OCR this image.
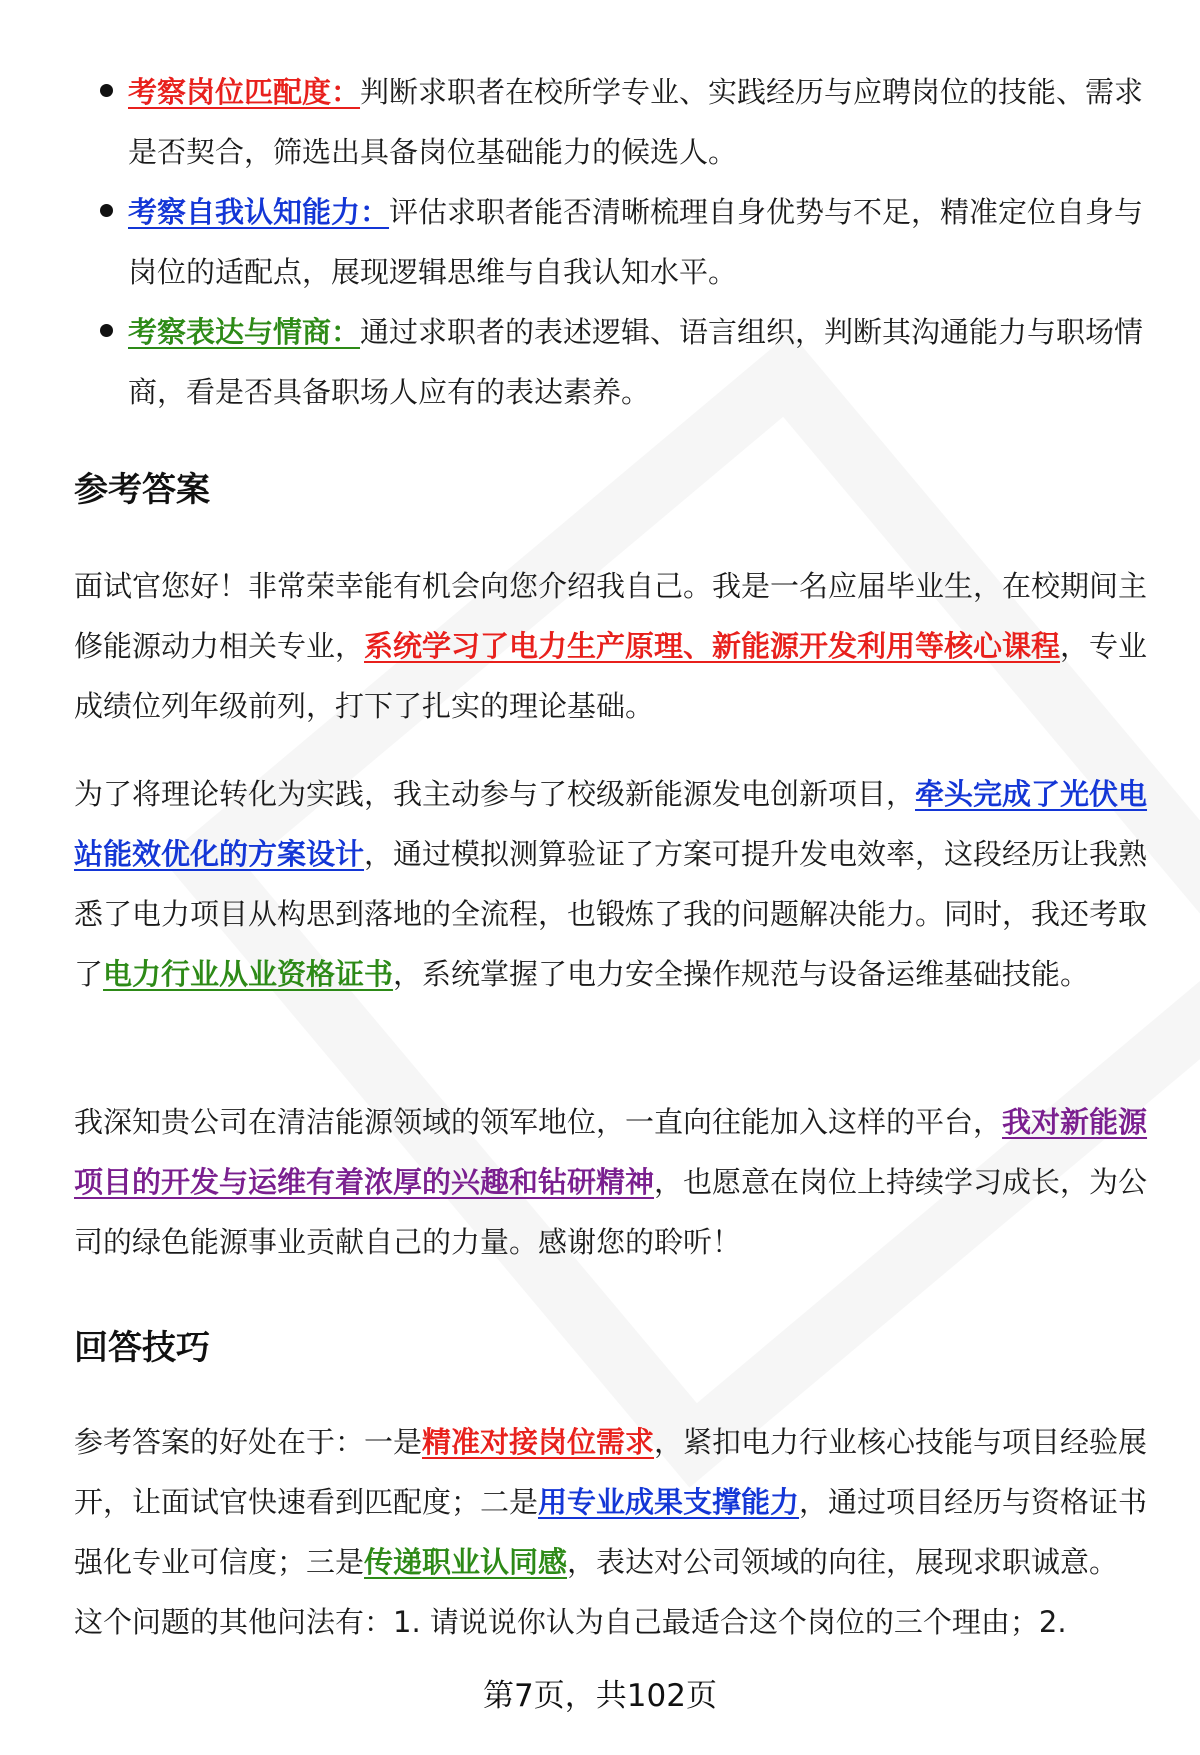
考察岗位匹配度：判断求职者在校所学专业、实践经历与应聘岗位的技能、需求是否契合，筛选出具备岗位基础能力的候选人。
考察自我认知能力：评估求职者能否清晰梳理自身优势与不足，精准定位自身与岗位的适配点，展现逻辑思维与自我认知水平。
考察表达与情商：通过求职者的表述逻辑、语言组织，判断其沟通能力与职场情商，看是否具备职场人应有的表达素养。
参考答案

面试官您好！非常荣幸能有机会向您介绍我自己。我是一名应届毕业生，在校期间主修能源动力相关专业，系统学习了电力生产原理、新能源开发利用等核心课程，专业成绩位列年级前列，打下了扎实的理论基础。

为了将理论转化为实践，我主动参与了校级新能源发电创新项目，牵头完成了光伏电站能效优化的方案设计，通过模拟测算验证了方案可提升发电效率，这段经历让我熟悉了电力项目从构思到落地的全流程，也锻炼了我的问题解决能力。同时，我还考取了电力行业从业资格证书，系统掌握了电力安全操作规范与设备运维基础技能。

我深知贵公司在清洁能源领域的领军地位，一直向往能加入这样的平台，我对新能源项目的开发与运维有着浓厚的兴趣和钻研精神，也愿意在岗位上持续学习成长，为公司的绿色能源事业贡献自己的力量。感谢您的聆听！

回答技巧

参考答案的好处在于：一是精准对接岗位需求，紧扣电力行业核心技能与项目经验展开，让面试官快速看到匹配度；二是用专业成果支撑能力，通过项目经历与资格证书强化专业可信度；三是传递职业认同感，表达对公司领域的向往，展现求职诚意。 这个问题的其他问法有：1. 请说说你认为自己最适合这个岗位的三个理由；2.

第7页，共102页
